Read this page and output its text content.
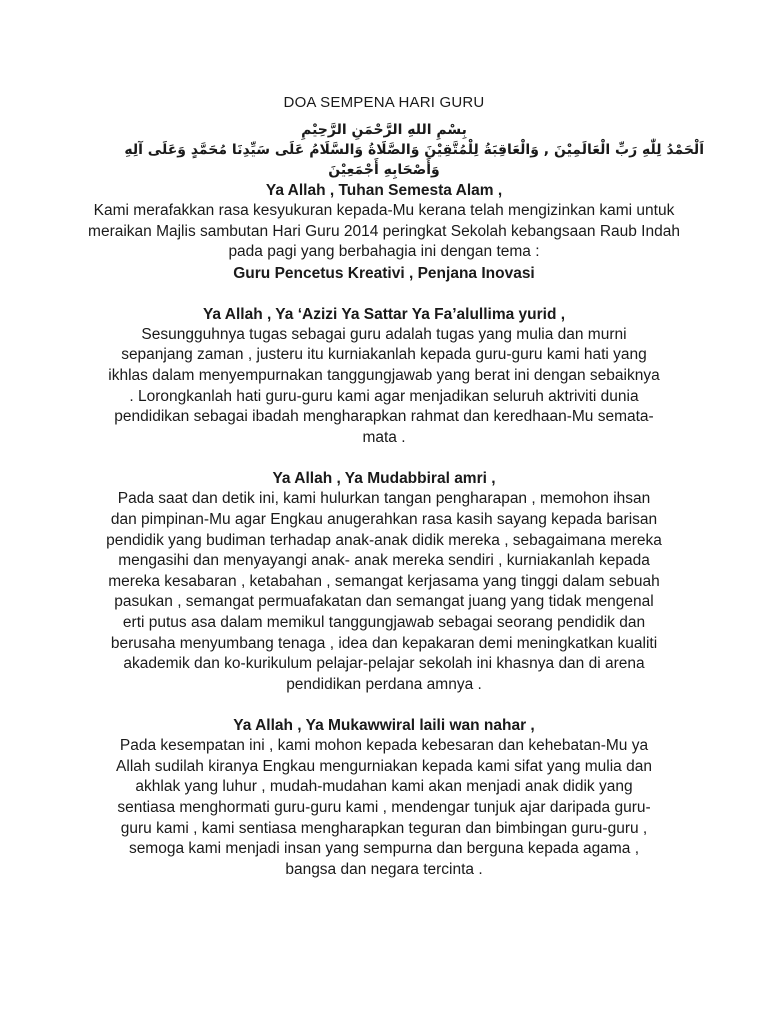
DOA SEMPENA HARI GURU
بِسْمِ اللهِ الرَّحْمَنِ الرَّحِيْمِ
اَلْحَمْدُ لِلّٰهِ رَبِّ الْعَالَمِيْنَ , وَالْعَاقِبَةُ لِلْمُتَّقِيْنَ وَالصَّلَاةُ وَالسَّلَامُ عَلَى سَيِّدِنَا مُحَمَّدٍ وَعَلَى آلِهِ وَأَصْحَابِهِ أَجْمَعِيْنَ
Ya Allah , Tuhan Semesta Alam ,
Kami merafakkan rasa kesyukuran kepada-Mu kerana telah mengizinkan kami untuk meraikan Majlis sambutan Hari Guru 2014 peringkat Sekolah kebangsaan Raub Indah pada pagi yang berbahagia ini dengan tema :
Guru Pencetus Kreativi , Penjana Inovasi
Ya Allah , Ya ‘Azizi Ya Sattar Ya Fa’alullima yurid ,
Sesungguhnya tugas sebagai guru adalah tugas yang mulia dan murni sepanjang zaman , justeru itu kurniakanlah kepada guru-guru kami hati yang ikhlas dalam menyempurnakan tanggungjawab yang berat ini dengan sebaiknya . Lorongkanlah hati guru-guru kami agar menjadikan seluruh aktriviti dunia pendidikan sebagai ibadah mengharapkan rahmat dan keredhaan-Mu semata-mata .
Ya Allah , Ya Mudabbiral amri ,
Pada saat dan detik ini, kami hulurkan tangan pengharapan , memohon ihsan dan pimpinan-Mu agar Engkau anugerahkan rasa kasih sayang kepada barisan pendidik yang budiman terhadap anak-anak didik mereka , sebagaimana mereka mengasihi dan menyayangi anak- anak mereka sendiri , kurniakanlah kepada mereka kesabaran , ketabahan , semangat kerjasama yang tinggi dalam sebuah pasukan , semangat permuafakatan dan semangat juang yang tidak mengenal erti putus asa dalam memikul tanggungjawab sebagai seorang pendidik dan berusaha menyumbang tenaga , idea dan kepakaran demi meningkatkan kualiti akademik dan ko-kurikulum pelajar-pelajar sekolah ini khasnya dan di arena pendidikan perdana amnya .
Ya Allah , Ya Mukawwiral laili wan nahar ,
Pada kesempatan ini , kami mohon kepada kebesaran dan kehebatan-Mu ya Allah sudilah kiranya Engkau mengurniakan kepada kami sifat yang mulia dan akhlak yang luhur , mudah-mudahan kami akan menjadi anak didik yang sentiasa menghormati guru-guru kami , mendengar tunjuk ajar daripada guru-guru kami , kami sentiasa mengharapkan teguran dan bimbingan guru-guru , semoga kami menjadi insan yang sempurna dan berguna kepada agama , bangsa dan negara tercinta .
